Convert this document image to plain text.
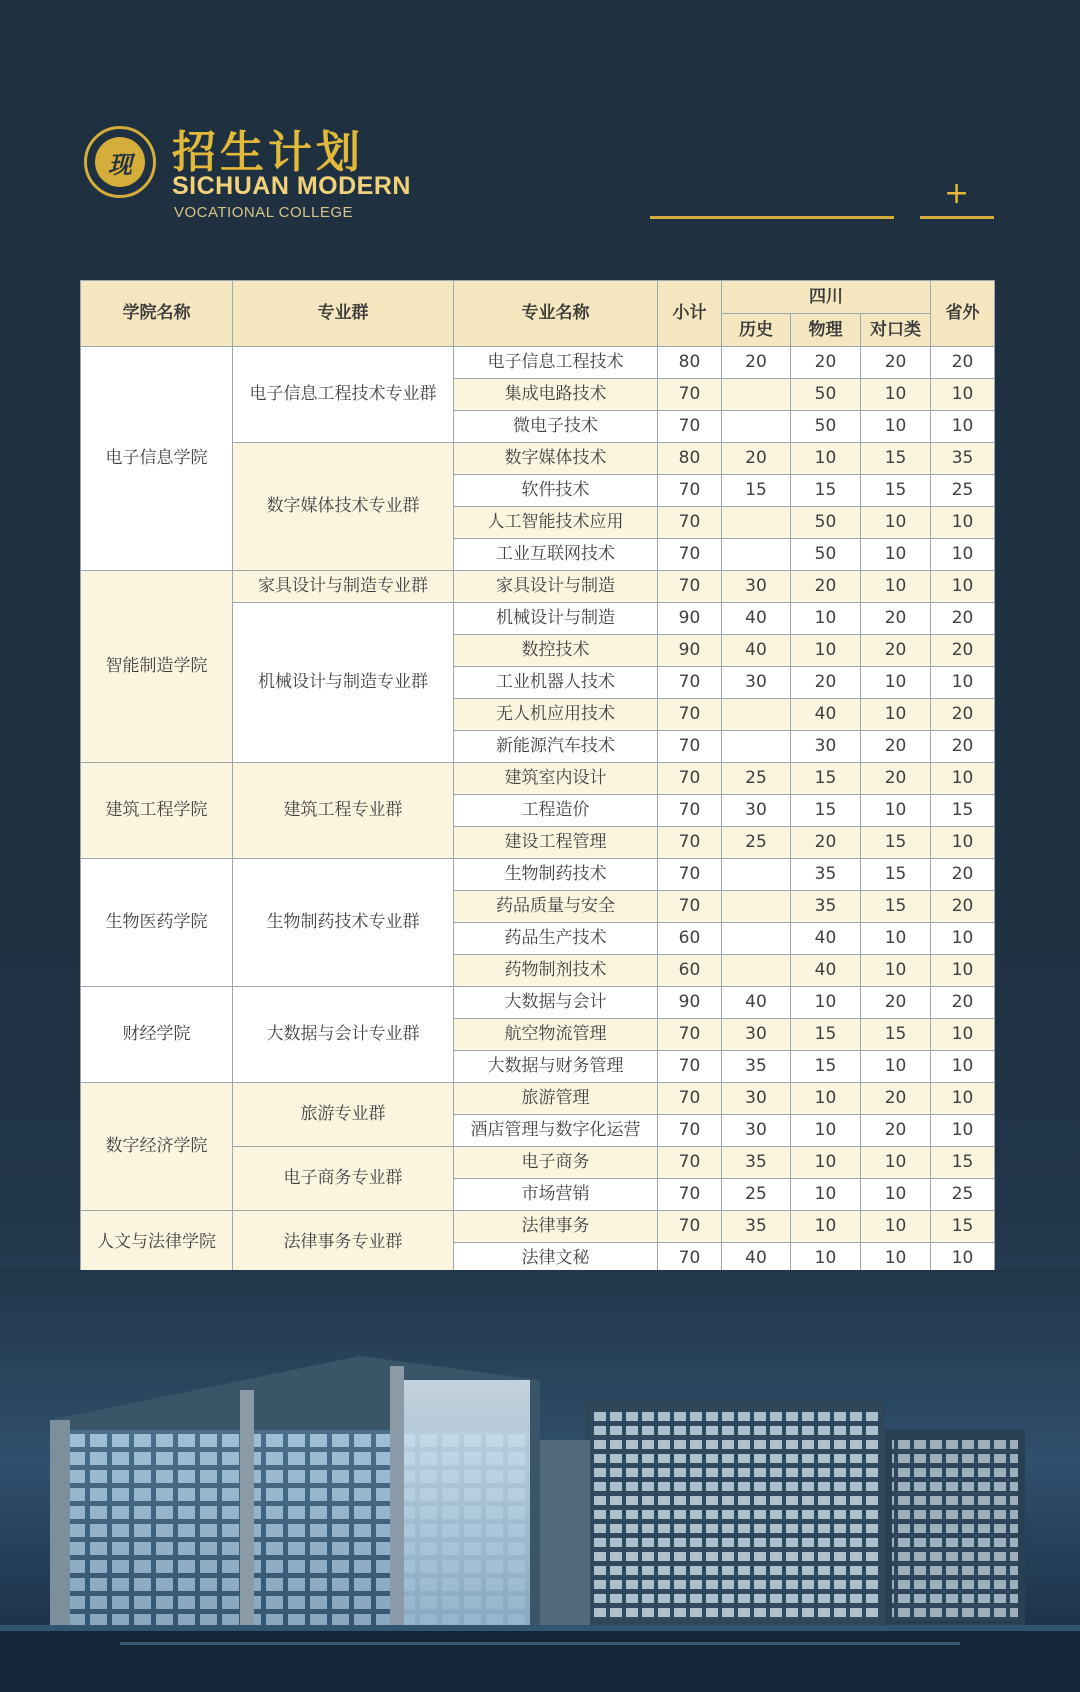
现 招生计划
SICHUAN MODERN
VOCATIONAL COLLEGE
+
学院名称	专业群	专业名称	小计	四川			省外
				历史	物理	对口类	
电子信息学院	电子信息工程技术专业群	电子信息工程技术	80	20	20	20	20
		集成电路技术	70		50	10	10
		微电子技术	70		50	10	10
	数字媒体技术专业群	数字媒体技术	80	20	10	15	35
		软件技术	70	15	15	15	25
		人工智能技术应用	70		50	10	10
		工业互联网技术	70		50	10	10
智能制造学院	家具设计与制造专业群	家具设计与制造	70	30	20	10	10
	机械设计与制造专业群	机械设计与制造	90	40	10	20	20
		数控技术	90	40	10	20	20
		工业机器人技术	70	30	20	10	10
		无人机应用技术	70		40	10	20
		新能源汽车技术	70		30	20	20
建筑工程学院	建筑工程专业群	建筑室内设计	70	25	15	20	10
		工程造价	70	30	15	10	15
		建设工程管理	70	25	20	15	10
生物医药学院	生物制药技术专业群	生物制药技术	70		35	15	20
		药品质量与安全	70		35	15	20
		药品生产技术	60		40	10	10
		药物制剂技术	60		40	10	10
财经学院	大数据与会计专业群	大数据与会计	90	40	10	20	20
		航空物流管理	70	30	15	15	10
		大数据与财务管理	70	35	15	10	10
数字经济学院	旅游专业群	旅游管理	70	30	10	20	10
		酒店管理与数字化运营	70	30	10	20	10
	电子商务专业群	电子商务	70	35	10	10	15
		市场营销	70	25	10	10	25
人文与法律学院	法律事务专业群	法律事务	70	35	10	10	15
		法律文秘	70	40	10	10	10
